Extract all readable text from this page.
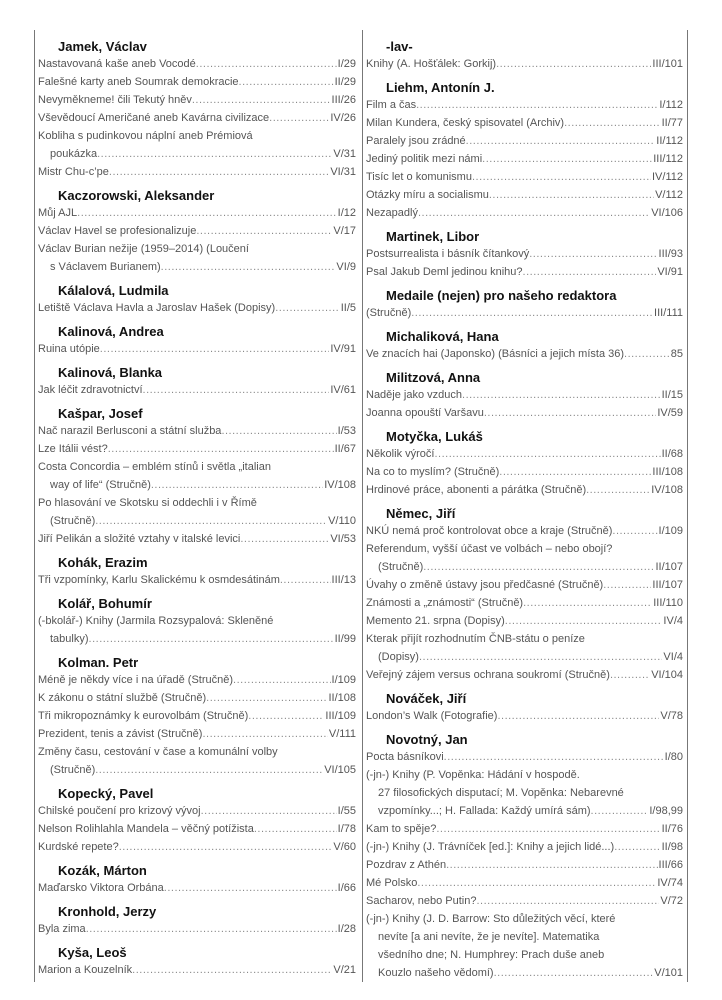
Jamek, Václav
Nastavovaná kaše aneb Vocodé .....	I/29
Falešné karty aneb Soumrak demokracie .....	II/29
Nevyměkneme! čili Tekutý hněv .....	III/26
Vševědoucí Američané aneb Kavárna civilizace .....	IV/26
Kobliha s pudinkovou náplní aneb Prémiová
poukázka .....	V/31
Mistr Chu-c’pe .....	VI/31
Kaczorowski, Aleksander
Můj AJL .....	I/12
Václav Havel se profesionalizuje .....	V/17
Václav Burian nežije (1959–2014) (Loučení
s Václavem Burianem) .....	VI/9
Kálalová, Ludmila
Letiště Václava Havla a Jaroslav Hašek (Dopisy) .....	II/5
Kalinová, Andrea
Ruina utópie .....	IV/91
Kalinová, Blanka
Jak léčit zdravotnictví .....	IV/61
Kašpar, Josef
Nač narazil Berlusconi a státní služba .....	I/53
Lze Itálii vést? .....	II/67
Costa Concordia – emblém stínů i světla „italian
way of life“ (Stručně) .....	IV/108
Po hlasování ve Skotsku si oddechli i v Římě
(Stručně) .....	V/110
Jiří Pelikán a složité vztahy v italské levici .....	VI/53
Kohák, Erazim
Tři vzpomínky, Karlu Skalickému k osmdesátinám .....	III/13
Kolář, Bohumír
(-bkolář-) Knihy (Jarmila Rozsypalová: Skleněné
tabulky) .....	II/99
Kolman. Petr
Méně je někdy více i na úřadě (Stručně) .....	I/109
K zákonu o státní službě (Stručně) .....	II/108
Tři mikropoznámky k eurovolbám (Stručně) .....	III/109
Prezident, tenis a závist (Stručně) .....	V/111
Změny času, cestování v čase a komunální volby
(Stručně) .....	VI/105
Kopecký, Pavel
Chilské poučení pro krizový vývoj .....	I/55
Nelson Rolihlahla Mandela – věčný potížista .....	I/78
Kurdské repete? .....	V/60
Kozák, Márton
Maďarsko Viktora Orbána .....	I/66
Kronhold, Jerzy
Byla zima .....	I/28
Kyša, Leoš
Marion a Kouzelník .....	V/21
-lav-
Knihy (A. Hošťálek: Gorkij) .....	III/101
Liehm, Antonín J.
Film a čas .....	I/112
Milan Kundera, český spisovatel (Archiv) .....	II/77
Paralely jsou zrádné .....	II/112
Jediný politik mezi námi .....	III/112
Tisíc let o komunismu .....	IV/112
Otázky míru a socialismu .....	V/112
Nezapadlý .....	VI/106
Martinek, Libor
Postsurrealista i básník čítankový .....	III/93
Psal Jakub Deml jedinou knihu? .....	VI/91
Medaile (nejen) pro našeho redaktora
(Stručně) .....	III/111
Michaliková, Hana
Ve znacích hai (Japonsko) (Básníci a jejich místa 36) .....	85
Militzová, Anna
Naděje jako vzduch .....	II/15
Joanna opouští Varšavu .....	IV/59
Motyčka, Lukáš
Několik výročí .....	II/68
Na co to myslím? (Stručně) .....	III/108
Hrdinové práce, abonenti a párátka (Stručně) .....	IV/108
Němec, Jiří
NKÚ nemá proč kontrolovat obce a kraje (Stručně) .....	I/109
Referendum, vyšší účast ve volbách – nebo obojí?
(Stručně) .....	II/107
Úvahy o změně ústavy jsou předčasné (Stručně) .....	III/107
Známosti a „známosti“ (Stručně) .....	III/110
Memento 21. srpna (Dopisy) .....	IV/4
Kterak přijít rozhodnutím ČNB-státu o peníze
(Dopisy) .....	VI/4
Veřejný zájem versus ochrana soukromí (Stručně) .....	VI/104
Nováček, Jiří
London’s Walk (Fotografie) .....	V/78
Novotný, Jan
Pocta básníkovi .....	I/80
(-jn-) Knihy (P. Vopěnka: Hádání v hospodě.
27 filosofických disputací; M. Vopěnka: Nebarevné
vzpomínky...; H. Fallada: Každý umírá sám) .....	I/98,99
Kam to spěje? .....	II/76
(-jn-) Knihy (J. Trávníček [ed.]: Knihy a jejich lidé...) .....	II/98
Pozdrav z Athén .....	III/66
Mé Polsko .....	IV/74
Sacharov, nebo Putin? .....	V/72
(-jn-) Knihy (J. D. Barrow: Sto důležitých věcí, které
nevíte [a ani nevíte, že je nevíte]. Matematika
všedního dne; N. Humphrey: Prach duše aneb
Kouzlo našeho vědomí) .....	V/101
